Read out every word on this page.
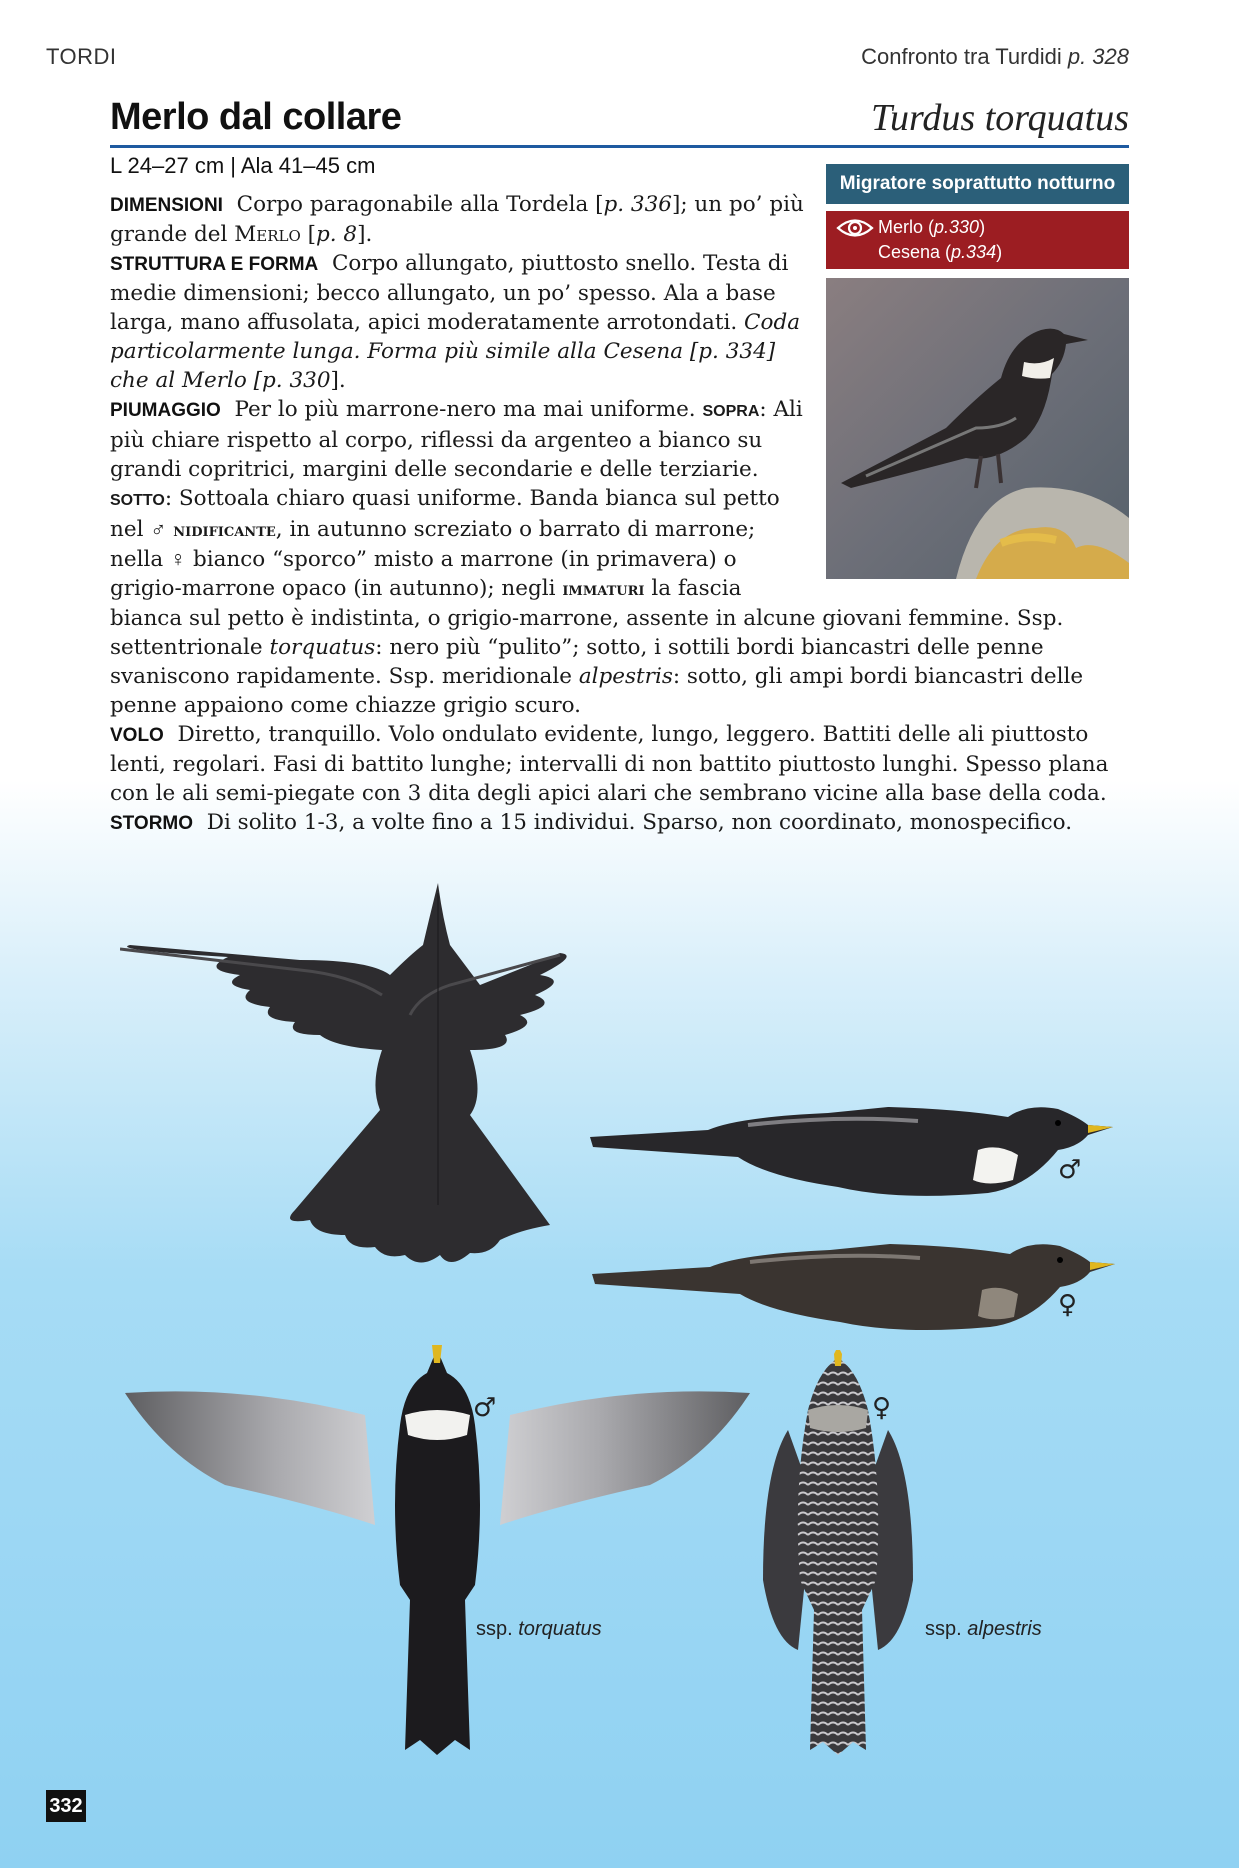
TORDI	Confronto tra Turdidi p. 328
Merlo dal collare	Turdus torquatus
L 24–27 cm | Ala 41–45 cm
Migratore soprattutto notturno
Merlo (p.330)
Cesena (p.334)

DIMENSIONI Corpo paragonabile alla Tordela [p. 336]; un po’ più grande del Merlo [p. 8].

STRUTTURA E FORMA Corpo allungato, piuttosto snello. Testa di medie dimensioni; becco allungato, un po’ spesso. Ala a base larga, mano affusolata, apici moderatamente arrotondati. Coda particolarmente lunga. Forma più simile alla Cesena [p. 334] che al Merlo [p. 330].

PIUMAGGIO Per lo più marrone-nero ma mai uniforme. SOPRA: Ali più chiare rispetto al corpo, riflessi da argenteo a bianco su grandi copritrici, margini delle secondarie e delle terziarie. SOTTO: Sottoala chiaro quasi uniforme. Banda bianca sul petto nel ♂ nidificante, in autunno screziato o barrato di marrone; nella ♀ bianco “sporco” misto a marrone (in primavera) o grigio-marrone opaco (in autunno); negli immaturi la fascia bianca sul petto è indistinta, o grigio-marrone, assente in alcune giovani femmine. Ssp. settentrionale torquatus: nero più “pulito”; sotto, i sottili bordi biancastri delle penne svaniscono rapidamente. Ssp. meridionale alpestris: sotto, gli ampi bordi biancastri delle penne appaiono come chiazze grigio scuro.

VOLO Diretto, tranquillo. Volo ondulato evidente, lungo, leggero. Battiti delle ali piuttosto lenti, regolari. Fasi di battito lunghe; intervalli di non battito piuttosto lunghi. Spesso plana con le ali semi-piegate con 3 dita degli apici alari che sembrano vicine alla base della coda.

STORMO Di solito 1-3, a volte fino a 15 individui. Sparso, non coordinato, monospecifico.

♂
♀
♂
ssp. torquatus
♀
ssp. alpestris
332
